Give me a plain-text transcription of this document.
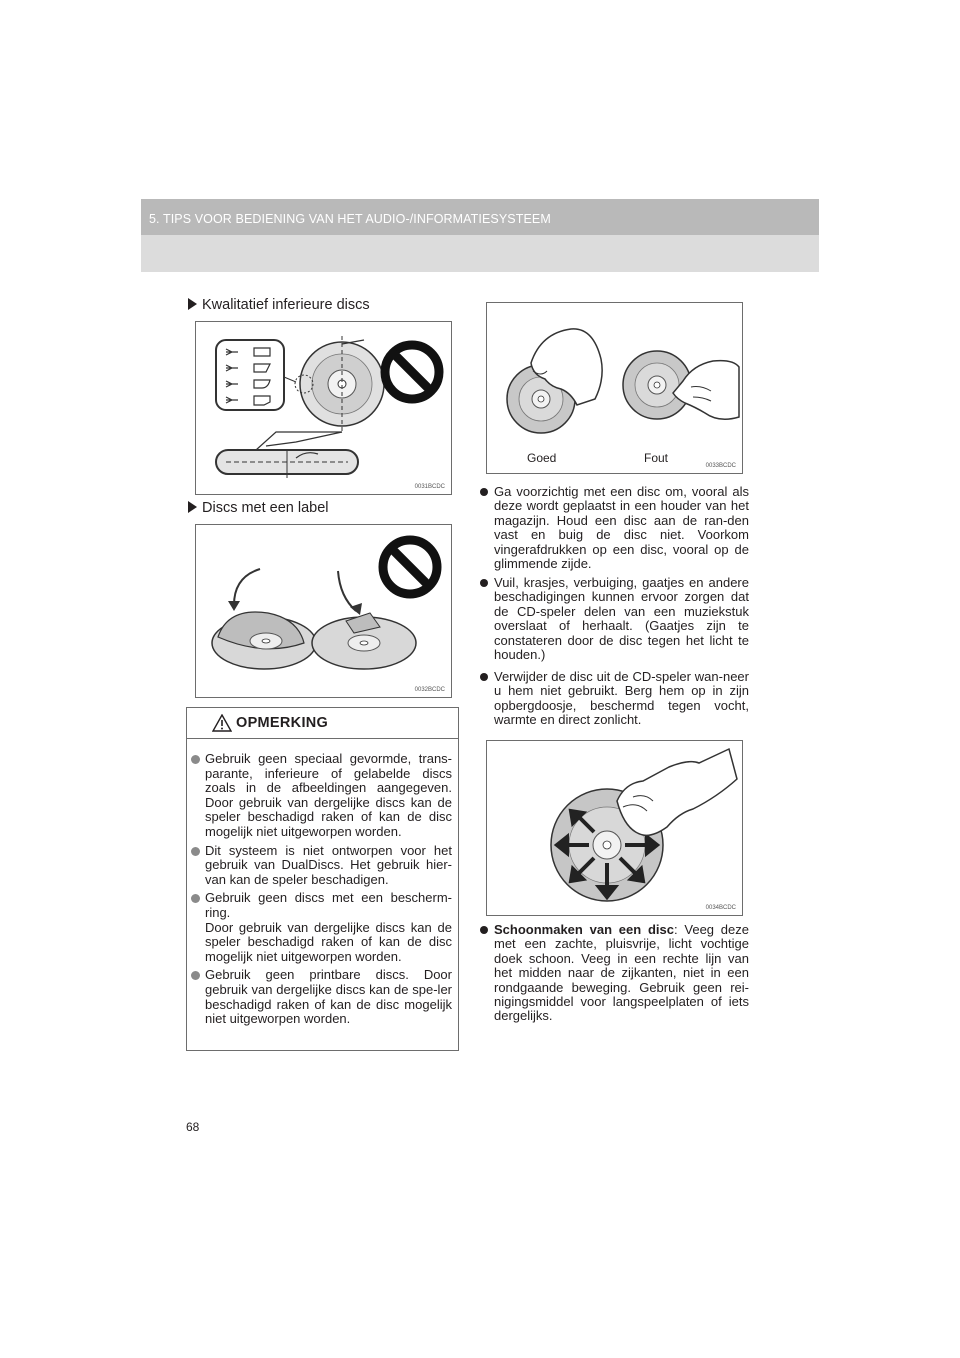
5. TIPS VOOR BEDIENING VAN HET AUDIO-/INFORMATIESYSTEEM
Kwalitatief inferieure discs
0031BCDC
Discs met een label
0032BCDC
OPMERKING
Gebruik geen speciaal gevormde, trans-parante, inferieure of gelabelde discs zoals in de afbeeldingen aangegeven. Door gebruik van dergelijke discs kan de speler beschadigd raken of kan de disc mogelijk niet uitgeworpen worden.
Dit systeem is niet ontworpen voor het gebruik van DualDiscs. Het gebruik hier-van kan de speler beschadigen.
Gebruik geen discs met een bescherm-ring.
Door gebruik van dergelijke discs kan de speler beschadigd raken of kan de disc mogelijk niet uitgeworpen worden.
Gebruik geen printbare discs. Door gebruik van dergelijke discs kan de spe-ler beschadigd raken of kan de disc mogelijk niet uitgeworpen worden.
Goed	Fout
0033BCDC
Ga voorzichtig met een disc om, vooral als deze wordt geplaatst in een houder van het magazijn. Houd een disc aan de ran-den vast en buig de disc niet. Voorkom vingerafdrukken op een disc, vooral op de glimmende zijde.
Vuil, krasjes, verbuiging, gaatjes en andere beschadigingen kunnen ervoor zorgen dat de CD-speler delen van een muziekstuk overslaat of herhaalt. (Gaatjes zijn te constateren door de disc tegen het licht te houden.)
Verwijder de disc uit de CD-speler wan-neer u hem niet gebruikt. Berg hem op in zijn opbergdoosje, beschermd tegen vocht, warmte en direct zonlicht.
0034BCDC
Schoonmaken van een disc: Veeg deze met een zachte, pluisvrije, licht vochtige doek schoon. Veeg in een rechte lijn van het midden naar de zijkanten, niet in een rondgaande beweging. Gebruik geen rei-nigingsmiddel voor langspeelplaten of iets dergelijks.
68
